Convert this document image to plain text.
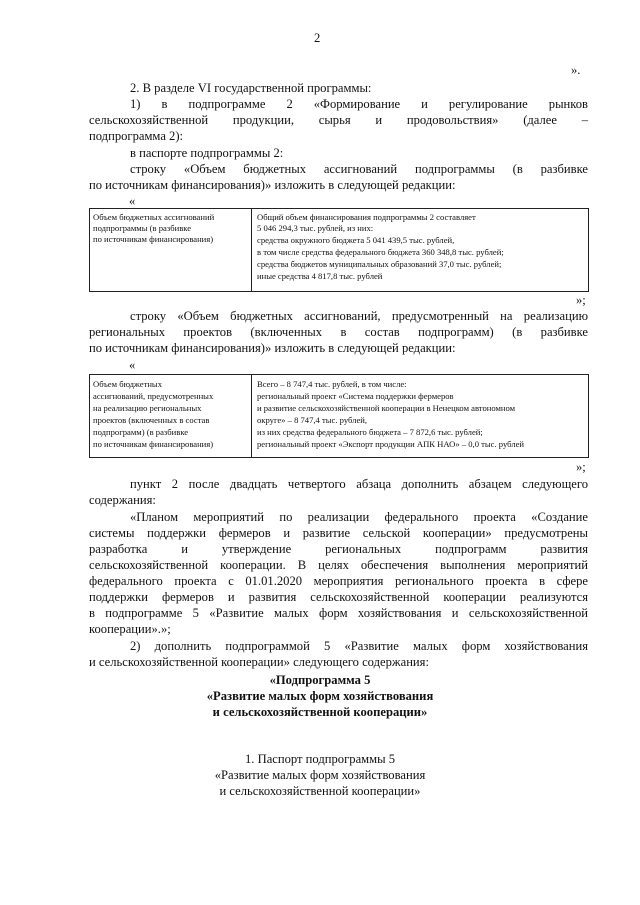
2
».
2. В разделе VI государственной программы:
1) в подпрограмме 2 «Формирование и регулирование рынков
сельскохозяйственной продукции, сырья и продовольствия» (далее –
подпрограмма 2):
в паспорте подпрограммы 2:
строку «Объем бюджетных ассигнований подпрограммы (в разбивке
по источникам финансирования)» изложить в следующей редакции:
«
Объем бюджетных ассигнований
подпрограммы (в разбивке
по источникам финансирования)
Общий объем финансирования подпрограммы 2 составляет
5 046 294,3 тыс. рублей, из них:
средства окружного бюджета 5 041 439,5 тыс. рублей,
в том числе средства федерального бюджета 360 348,8 тыс. рублей;
средства бюджетов муниципальных образований 37,0 тыс. рублей;
иные средства 4 817,8 тыс. рублей
»;
строку «Объем бюджетных ассигнований, предусмотренный на реализацию
региональных проектов (включенных в состав подпрограмм) (в разбивке
по источникам финансирования)» изложить в следующей редакции:
«
Объем бюджетных
ассигнований, предусмотренных
на реализацию региональных
проектов (включенных в состав
подпрограмм) (в разбивке
по источникам финансирования)
Всего – 8 747,4 тыс. рублей, в том числе:
региональный проект «Система поддержки фермеров
и развитие сельскохозяйственной кооперации в Ненецком автономном
округе» – 8 747,4 тыс. рублей,
из них средства федерального бюджета – 7 872,6 тыс. рублей;
региональный проект «Экспорт продукции АПК НАО» – 0,0 тыс. рублей
»;
пункт 2 после двадцать четвертого абзаца дополнить абзацем следующего
содержания:
«Планом мероприятий по реализации федерального проекта «Создание
системы поддержки фермеров и развитие сельской кооперации» предусмотрены
разработка и утверждение региональных подпрограмм развития
сельскохозяйственной кооперации. В целях обеспечения выполнения мероприятий
федерального проекта с 01.01.2020 мероприятия регионального проекта в сфере
поддержки фермеров и развития сельскохозяйственной кооперации реализуются
в подпрограмме 5 «Развитие малых форм хозяйствования и сельскохозяйственной
кооперации».»;
2) дополнить подпрограммой 5 «Развитие малых форм хозяйствования
и сельскохозяйственной кооперации» следующего содержания:
«Подпрограмма 5
«Развитие малых форм хозяйствования
и сельскохозяйственной кооперации»
1. Паспорт подпрограммы 5
«Развитие малых форм хозяйствования
и сельскохозяйственной кооперации»
